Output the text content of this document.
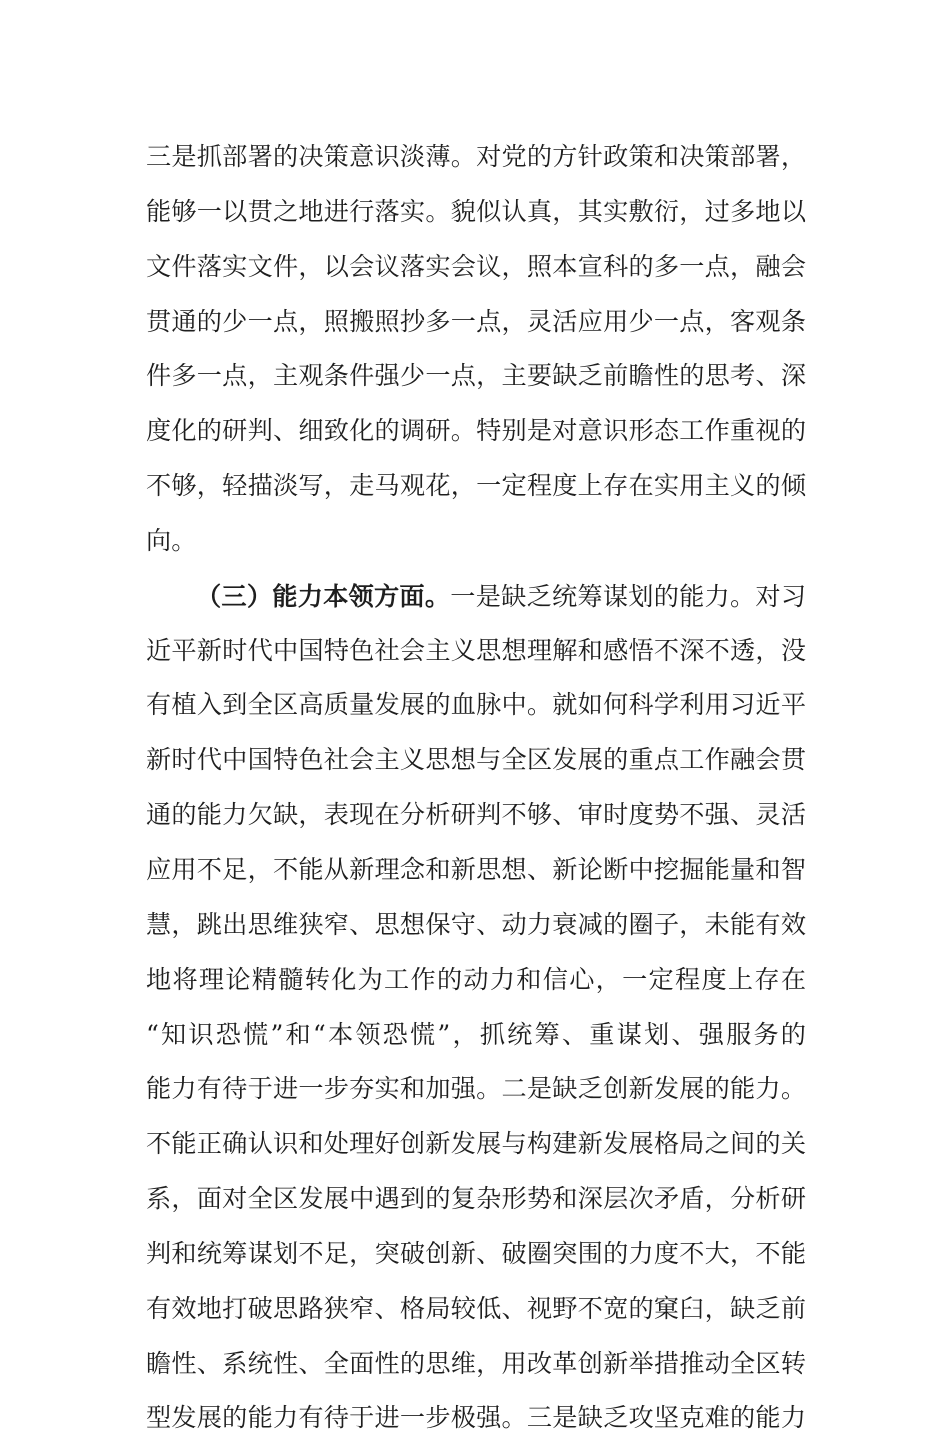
三是抓部署的决策意识淡薄。对党的方针政策和决策部署，
能够一以贯之地进行落实。貌似认真，其实敷衍，过多地以
文件落实文件，以会议落实会议，照本宣科的多一点，融会
贯通的少一点，照搬照抄多一点，灵活应用少一点，客观条
件多一点，主观条件强少一点，主要缺乏前瞻性的思考、深
度化的研判、细致化的调研。特别是对意识形态工作重视的
不够，轻描淡写，走马观花，一定程度上存在实用主义的倾
向。
（三）能力本领方面。一是缺乏统筹谋划的能力。对习
近平新时代中国特色社会主义思想理解和感悟不深不透，没
有植入到全区高质量发展的血脉中。就如何科学利用习近平
新时代中国特色社会主义思想与全区发展的重点工作融会贯
通的能力欠缺，表现在分析研判不够、审时度势不强、灵活
应用不足，不能从新理念和新思想、新论断中挖掘能量和智
慧，跳出思维狭窄、思想保守、动力衰减的圈子，未能有效
地将理论精髓转化为工作的动力和信心，一定程度上存在
“知识恐慌”和“本领恐慌”，抓统筹、重谋划、强服务的
能力有待于进一步夯实和加强。二是缺乏创新发展的能力。
不能正确认识和处理好创新发展与构建新发展格局之间的关
系，面对全区发展中遇到的复杂形势和深层次矛盾，分析研
判和统筹谋划不足，突破创新、破圈突围的力度不大，不能
有效地打破思路狭窄、格局较低、视野不宽的窠臼，缺乏前
瞻性、系统性、全面性的思维，用改革创新举措推动全区转
型发展的能力有待于进一步极强。三是缺乏攻坚克难的能力
